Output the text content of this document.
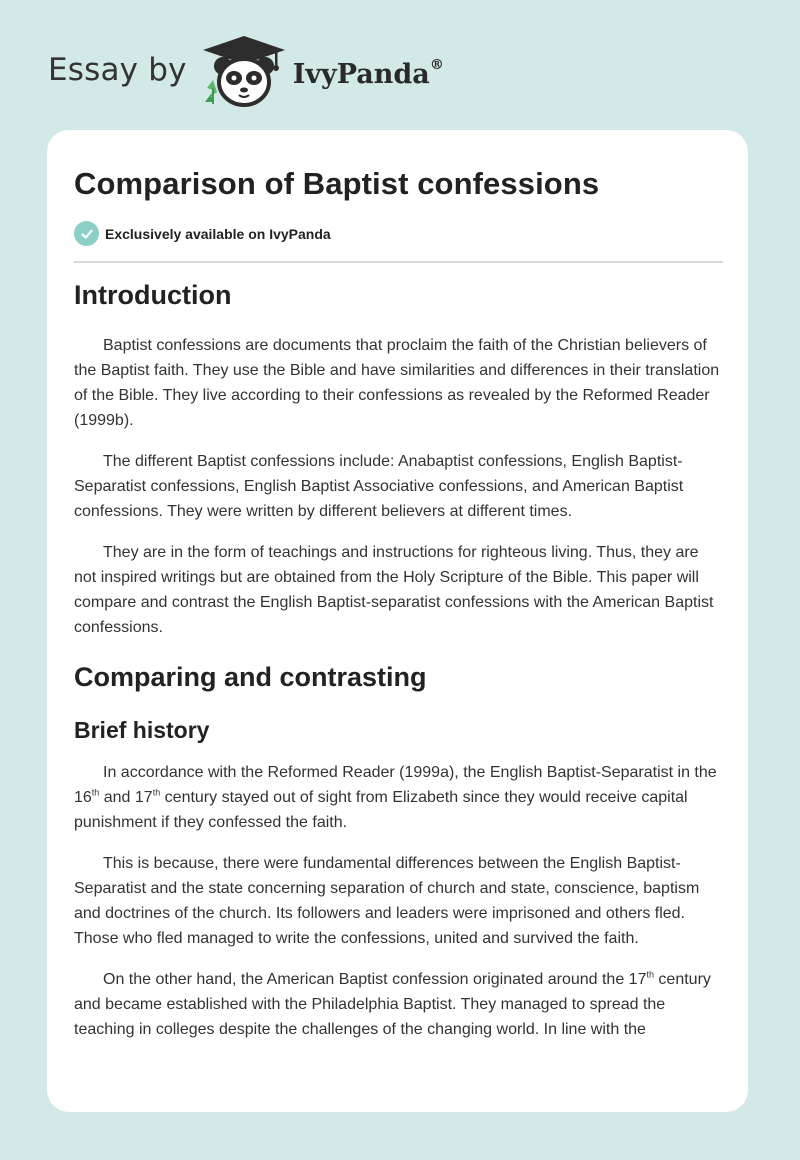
Essay by	IvyPanda®
Comparison of Baptist confessions
Exclusively available on IvyPanda
Introduction

Baptist confessions are documents that proclaim the faith of the Christian believers of the Baptist faith. They use the Bible and have similarities and differences in their translation of the Bible. They live according to their confessions as revealed by the Reformed Reader (1999b).

The different Baptist confessions include: Anabaptist confessions, English Baptist-Separatist confessions, English Baptist Associative confessions, and American Baptist confessions. They were written by different believers at different times.

They are in the form of teachings and instructions for righteous living. Thus, they are not inspired writings but are obtained from the Holy Scripture of the Bible. This paper will compare and contrast the English Baptist-separatist confessions with the American Baptist confessions.

Comparing and contrasting
Brief history

In accordance with the Reformed Reader (1999a), the English Baptist-Separatist in the 16th and 17th century stayed out of sight from Elizabeth since they would receive capital punishment if they confessed the faith.

This is because, there were fundamental differences between the English Baptist-Separatist and the state concerning separation of church and state, conscience, baptism and doctrines of the church. Its followers and leaders were imprisoned and others fled. Those who fled managed to write the confessions, united and survived the faith.

On the other hand, the American Baptist confession originated around the 17th century and became established with the Philadelphia Baptist. They managed to spread the teaching in colleges despite the challenges of the changing world. In line with the
